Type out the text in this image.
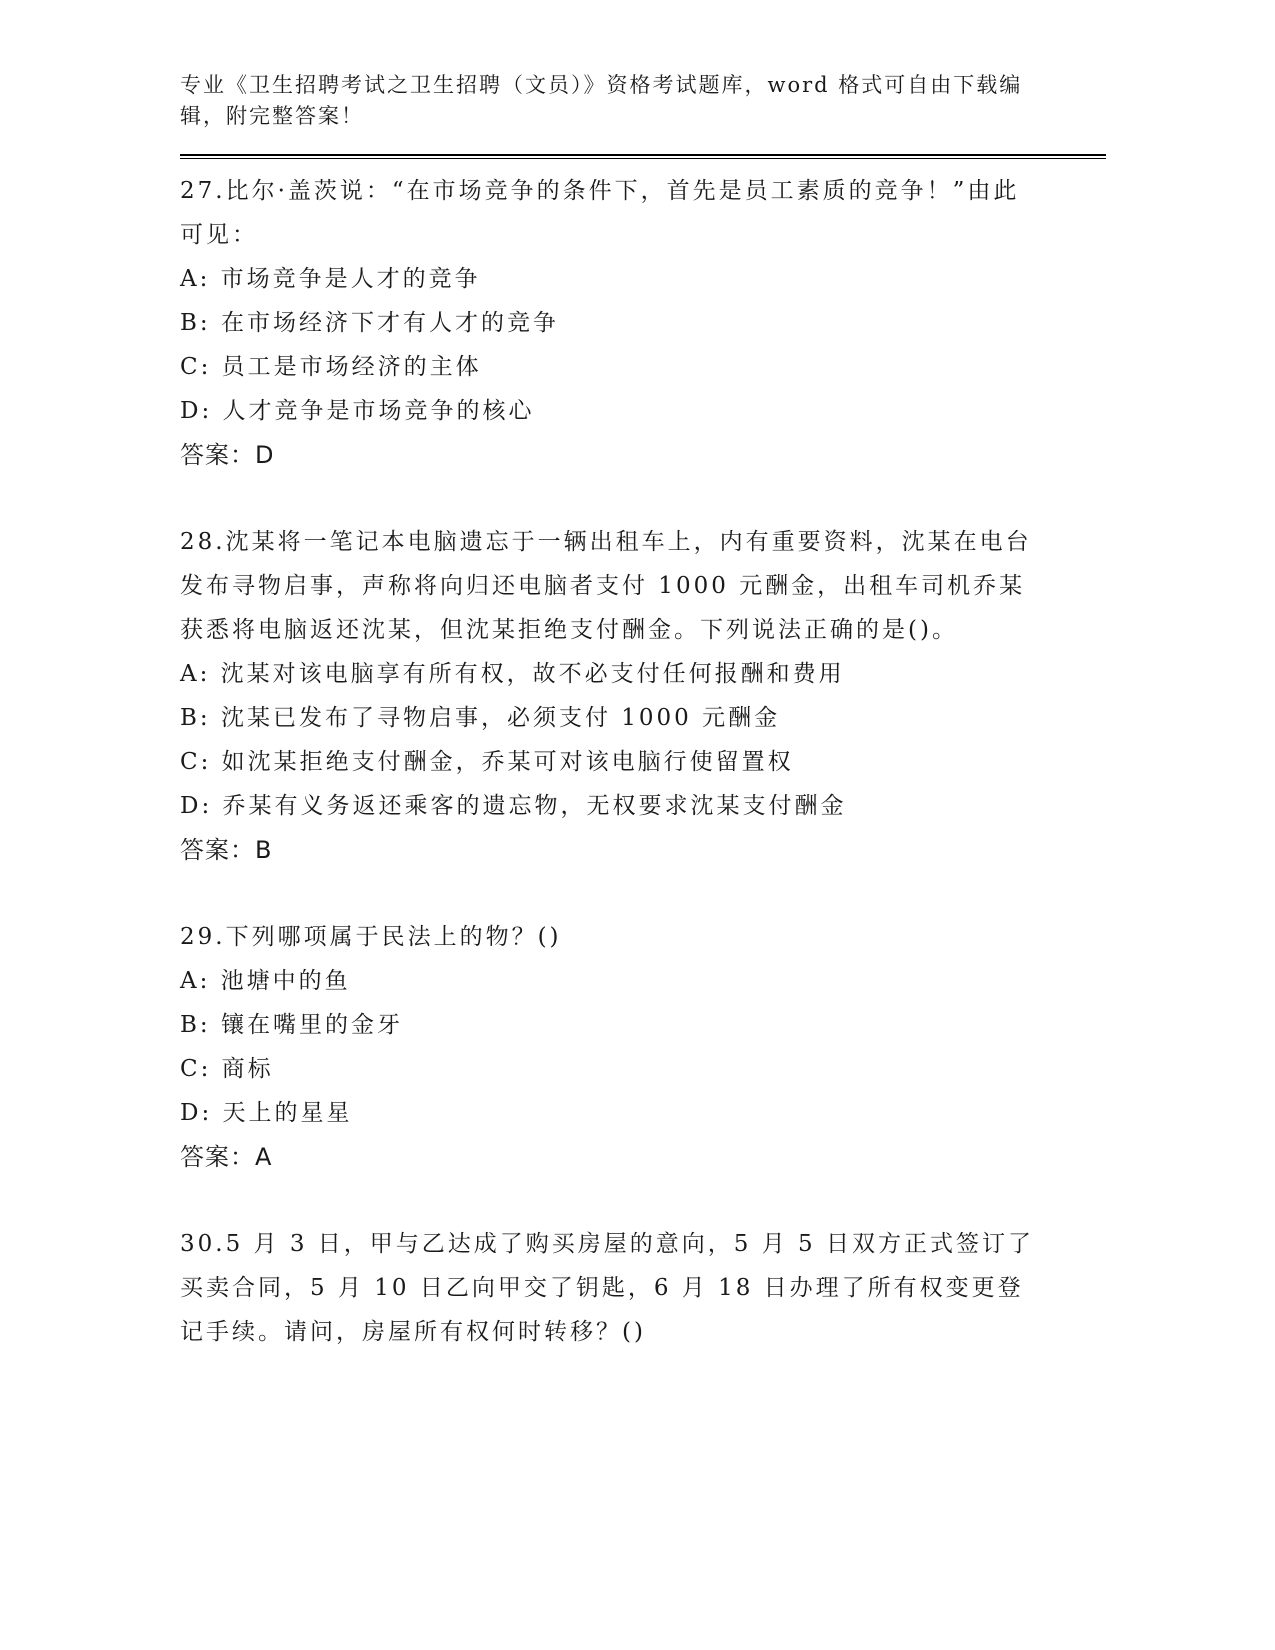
专业《卫生招聘考试之卫生招聘（文员）》资格考试题库，word 格式可自由下载编辑，附完整答案！

27.比尔·盖茨说：“在市场竞争的条件下，首先是员工素质的竞争！”由此可见：

A: 市场竞争是人才的竞争

B: 在市场经济下才有人才的竞争

C: 员工是市场经济的主体

D: 人才竞争是市场竞争的核心

答案：D

28.沈某将一笔记本电脑遗忘于一辆出租车上，内有重要资料，沈某在电台发布寻物启事，声称将向归还电脑者支付 1000 元酬金，出租车司机乔某获悉将电脑返还沈某，但沈某拒绝支付酬金。下列说法正确的是()。

A: 沈某对该电脑享有所有权，故不必支付任何报酬和费用

B: 沈某已发布了寻物启事，必须支付 1000 元酬金

C: 如沈某拒绝支付酬金，乔某可对该电脑行使留置权

D: 乔某有义务返还乘客的遗忘物，无权要求沈某支付酬金

答案：B

29.下列哪项属于民法上的物？()

A: 池塘中的鱼

B: 镶在嘴里的金牙

C: 商标

D: 天上的星星

答案：A

30.5 月 3 日，甲与乙达成了购买房屋的意向，5 月 5 日双方正式签订了买卖合同，5 月 10 日乙向甲交了钥匙，6 月 18 日办理了所有权变更登记手续。请问，房屋所有权何时转移？()
